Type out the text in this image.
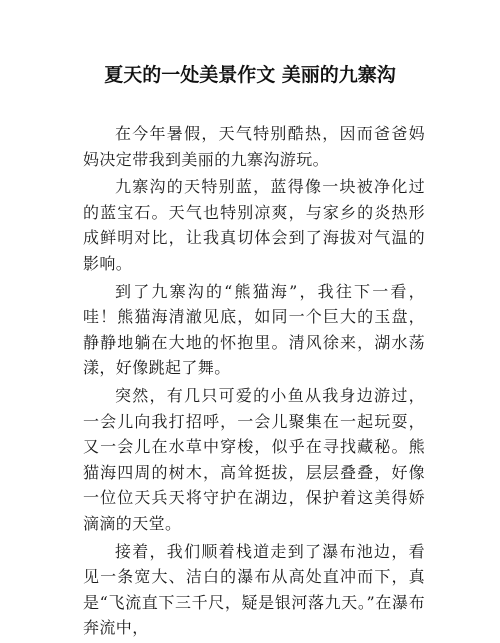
夏天的一处美景作文 美丽的九寨沟

在今年暑假，天气特别酷热，因而爸爸妈妈决定带我到美丽的九寨沟游玩。

九寨沟的天特别蓝，蓝得像一块被净化过的蓝宝石。天气也特别凉爽，与家乡的炎热形成鲜明对比，让我真切体会到了海拔对气温的影响。

到了九寨沟的“熊猫海”，我往下一看，哇！熊猫海清澈见底，如同一个巨大的玉盘，静静地躺在大地的怀抱里。清风徐来，湖水荡漾，好像跳起了舞。

突然，有几只可爱的小鱼从我身边游过，一会儿向我打招呼，一会儿聚集在一起玩耍，又一会儿在水草中穿梭，似乎在寻找藏秘。熊猫海四周的树木，高耸挺拔，层层叠叠，好像一位位天兵天将守护在湖边，保护着这美得娇滴滴的天堂。

接着，我们顺着栈道走到了瀑布池边，看见一条宽大、洁白的瀑布从高处直冲而下，真是“飞流直下三千尺，疑是银河落九天。”在瀑布奔流中，
